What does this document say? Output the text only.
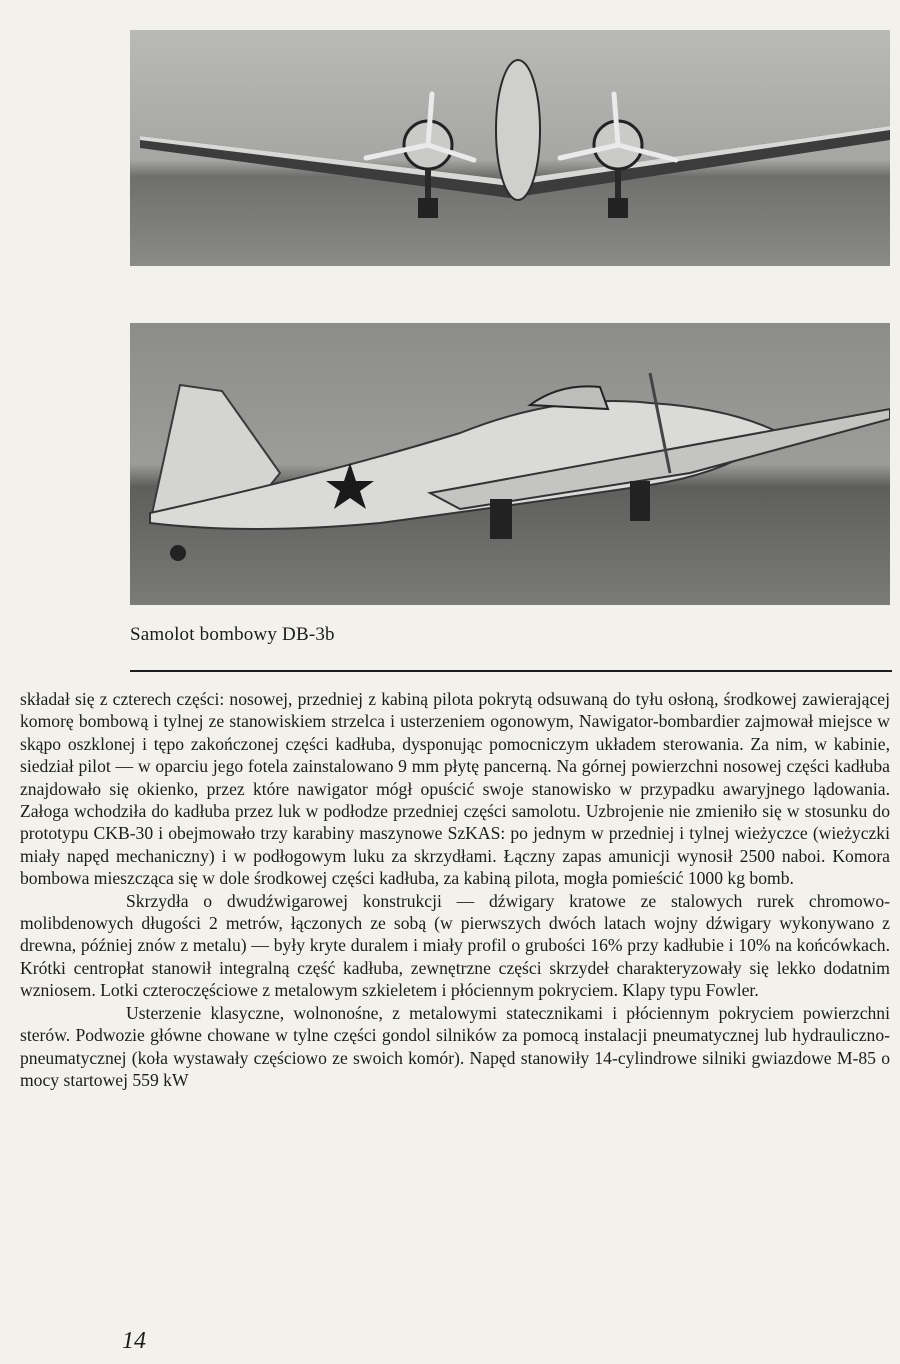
Samolot bombowy DB-3b

składał się z czterech części: nosowej, przedniej z kabiną pilota pokrytą odsuwaną do tyłu osłoną, środkowej zawierającej komorę bombową i tylnej ze stanowiskiem strzelca i usterzeniem ogonowym, Nawigator-bombardier zajmował miejsce w skąpo oszklonej i tępo zakończonej części kadłuba, dysponując pomocniczym układem sterowania. Za nim, w kabinie, siedział pilot — w oparciu jego fotela zainstalowano 9 mm płytę pancerną. Na górnej powierzchni nosowej części kadłuba znajdowało się okienko, przez które nawigator mógł opuścić swoje stanowisko w przypadku awaryjnego lądowania. Załoga wchodziła do kadłuba przez luk w podłodze przedniej części samolotu. Uzbrojenie nie zmieniło się w stosunku do prototypu CKB-30 i obejmowało trzy karabiny maszynowe SzKAS: po jednym w przedniej i tylnej wieżyczce (wieżyczki miały napęd mechaniczny) i w podłogowym luku za skrzydłami. Łączny zapas amunicji wynosił 2500 naboi. Komora bombowa mieszcząca się w dole środkowej części kadłuba, za kabiną pilota, mogła pomieścić 1000 kg bomb.

Skrzydła o dwudźwigarowej konstrukcji — dźwigary kratowe ze stalowych rurek chromowo-molibdenowych długości 2 metrów, łączonych ze sobą (w pierwszych dwóch latach wojny dźwigary wykonywano z drewna, później znów z metalu) — były kryte duralem i miały profil o grubości 16% przy kadłubie i 10% na końcówkach. Krótki centropłat stanowił integralną część kadłuba, zewnętrzne części skrzydeł charakteryzowały się lekko dodatnim wzniosem. Lotki czteroczęściowe z metalowym szkieletem i płóciennym pokryciem. Klapy typu Fowler.

Usterzenie klasyczne, wolnonośne, z metalowymi statecznikami i płóciennym pokryciem powierzchni sterów. Podwozie główne chowane w tylne części gondol silników za pomocą instalacji pneumatycznej lub hydrauliczno-pneumatycznej (koła wystawały częściowo ze swoich komór). Napęd stanowiły 14-cylindrowe silniki gwiazdowe M-85 o mocy startowej 559 kW

14
